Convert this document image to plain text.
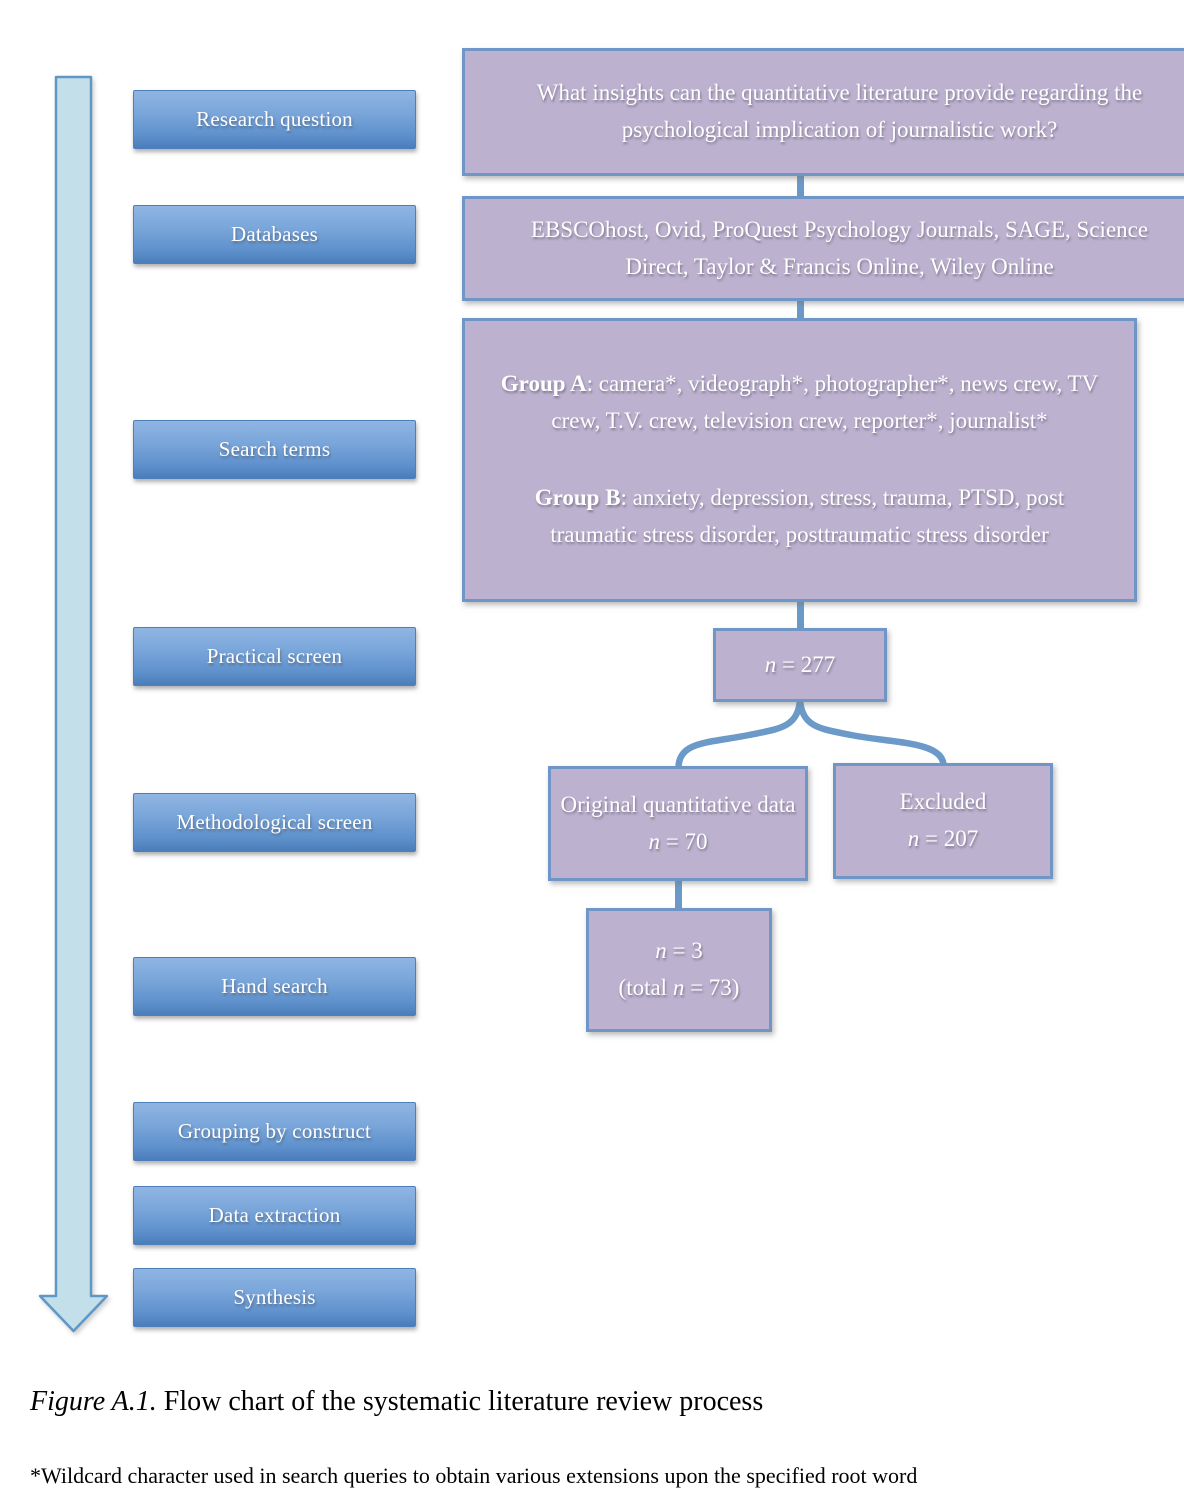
Research question
Databases
Search terms
Practical screen
Methodological screen
Hand search
Grouping by construct
Data extraction
Synthesis
What insights can the quantitative literature provide regarding the psychological implication of journalistic work?
EBSCOhost, Ovid, ProQuest Psychology Journals, SAGE, Science Direct, Taylor & Francis Online, Wiley Online

Group A: camera*, videograph*, photographer*, news crew, TV crew, T.V. crew, television crew, reporter*, journalist*

Group B: anxiety, depression, stress, trauma, PTSD, post traumatic stress disorder, posttraumatic stress disorder

n = 277
Original quantitative data
n = 70
Excluded
n = 207
n = 3
(total n = 73)
Figure A.1. Flow chart of the systematic literature review process
*Wildcard character used in search queries to obtain various extensions upon the specified root word
